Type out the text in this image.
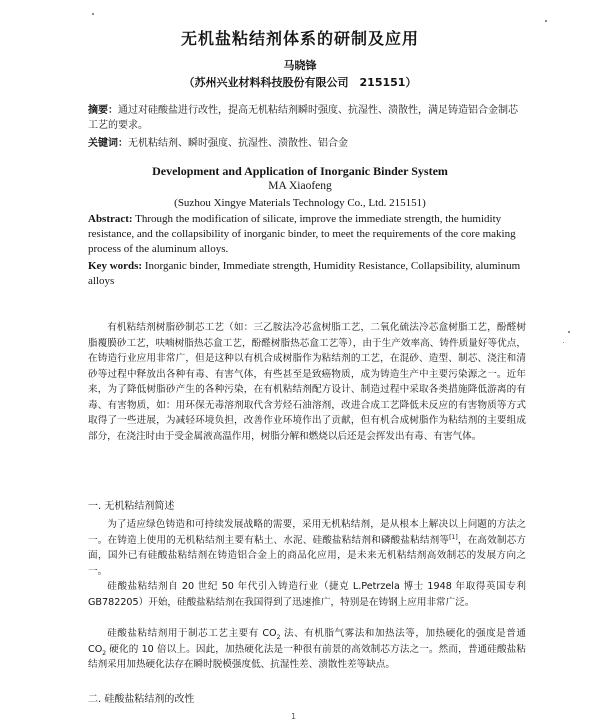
无机盐粘结剂体系的研制及应用
马晓锋
（苏州兴业材料科技股份有限公司　215151）
摘要：通过对硅酸盐进行改性，提高无机粘结剂瞬时强度、抗湿性、溃散性，满足铸造铝合金制芯工艺的要求。
关键词：无机粘结剂、瞬时强度、抗湿性、溃散性、铝合金
Development and Application of Inorganic Binder System
MA Xiaofeng
(Suzhou Xingye Materials Technology Co., Ltd. 215151)
Abstract: Through the modification of silicate, improve the immediate strength, the humidity resistance, and the collapsibility of inorganic binder, to meet the requirements of the core making process of the aluminum alloys.
Key words: Inorganic binder, Immediate strength, Humidity Resistance, Collapsibility, aluminum alloys
有机粘结剂树脂砂制芯工艺（如：三乙胺法冷芯盒树脂工艺，二氧化硫法冷芯盒树脂工艺，酚醛树脂覆膜砂工艺，呋喃树脂热芯盒工艺，酚醛树脂热芯盒工艺等），由于生产效率高、铸件质量好等优点，在铸造行业应用非常广，但是这种以有机合成树脂作为粘结剂的工艺，在混砂、造型、制芯、浇注和清砂等过程中释放出各种有毒、有害气体，有些甚至是致癌物质，成为铸造生产中主要污染源之一。近年来，为了降低树脂砂产生的各种污染，在有机粘结剂配方设计、制造过程中采取各类措施降低游离的有毒、有害物质，如：用环保无毒溶剂取代含芳烃石油溶剂，改进合成工艺降低未反应的有害物质等方式取得了一些进展，为减轻环境负担，改善作业环境作出了贡献，但有机合成树脂作为粘结剂的主要组成部分，在浇注时由于受金属液高温作用，树脂分解和燃烧以后还是会挥发出有毒、有害气体。
一. 无机粘结剂简述
为了适应绿色铸造和可持续发展战略的需要，采用无机粘结剂，是从根本上解决以上问题的方法之一。在铸造上使用的无机粘结剂主要有粘土、水泥、硅酸盐粘结剂和磷酸盐粘结剂等[1]，在高效制芯方面，国外已有硅酸盐粘结剂在铸造铝合金上的商品化应用，是未来无机粘结剂高效制芯的发展方向之一。
硅酸盐粘结剂自 20 世纪 50 年代引入铸造行业（捷克 L.Petrzela 博士 1948 年取得英国专利 GB782205）开始，硅酸盐粘结剂在我国得到了迅速推广，特别是在铸钢上应用非常广泛。
硅酸盐粘结剂用于制芯工艺主要有 $CO_2$ 法、有机脂气雾法和加热法等，加热硬化的强度是普通 $CO_2$ 硬化的 10 倍以上。因此，加热硬化法是一种很有前景的高效制芯方法之一。然而，普通硅酸盐粘结剂采用加热硬化法存在瞬时脱模强度低、抗湿性差、溃散性差等缺点。
二. 硅酸盐粘结剂的改性
1
